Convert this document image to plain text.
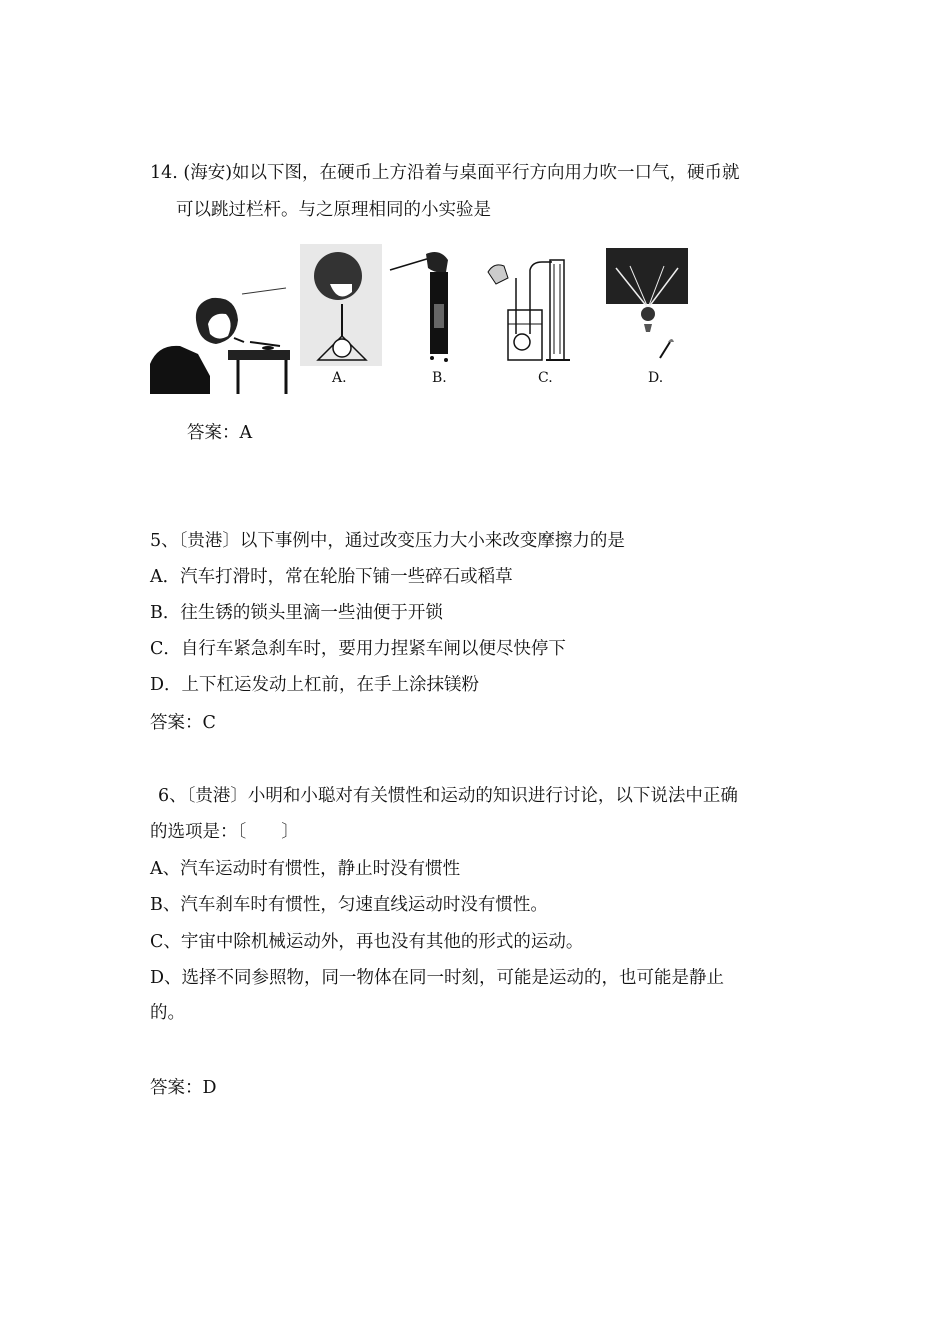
14. (海安)如以下图，在硬币上方沿着与桌面平行方向用力吹一口气，硬币就
可以跳过栏杆。与之原理相同的小实验是
A.	B.	C.	D.
答案：A
5、〔贵港〕以下事例中，通过改变压力大小来改变摩擦力的是
A．汽车打滑时，常在轮胎下铺一些碎石或稻草
B．往生锈的锁头里滴一些油便于开锁
C．自行车紧急刹车时，要用力捏紧车闸以便尽快停下
D．上下杠运发动上杠前，在手上涂抹镁粉
答案：C
6、〔贵港〕小明和小聪对有关惯性和运动的知识进行讨论，以下说法中正确
的选项是：〔　　〕
A、汽车运动时有惯性，静止时没有惯性
B、汽车刹车时有惯性，匀速直线运动时没有惯性。
C、宇宙中除机械运动外，再也没有其他的形式的运动。
D、选择不同参照物，同一物体在同一时刻，可能是运动的，也可能是静止
的。
答案：D
